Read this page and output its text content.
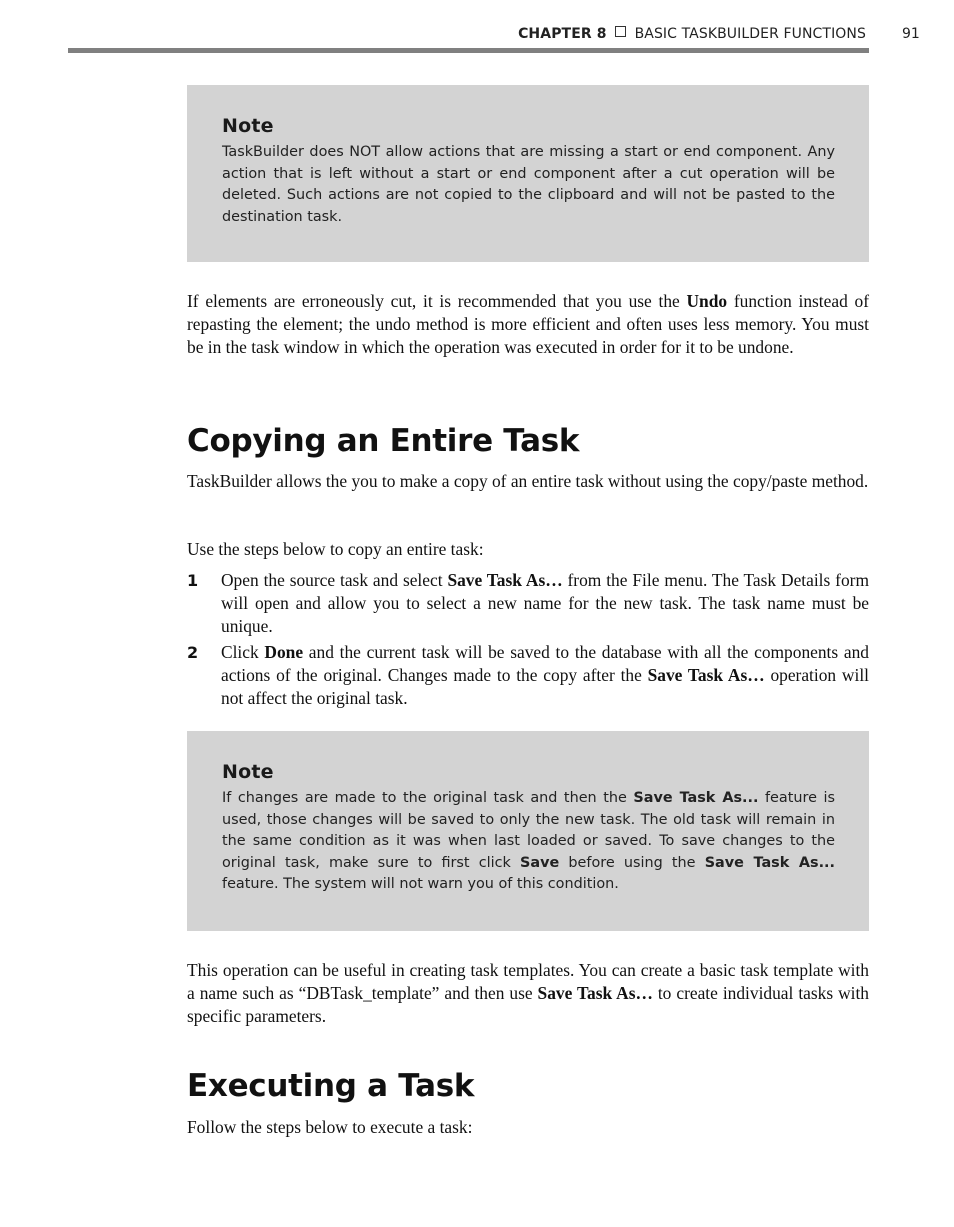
CHAPTER 8 BASIC TASKBUILDER FUNCTIONS	91
Note

TaskBuilder does NOT allow actions that are missing a start or end component. Any action that is left without a start or end component after a cut operation will be deleted. Such actions are not copied to the clipboard and will not be pasted to the destination task.

If elements are erroneously cut, it is recommended that you use the Undo function instead of repasting the element; the undo method is more efficient and often uses less memory. You must be in the task window in which the operation was executed in order for it to be undone.

Copying an Entire Task

TaskBuilder allows the you to make a copy of an entire task without using the copy/paste method.

Use the steps below to copy an entire task:

1 Open the source task and select Save Task As… from the File menu. The Task Details form will open and allow you to select a new name for the new task. The task name must be unique.

2 Click Done and the current task will be saved to the database with all the components and actions of the original. Changes made to the copy after the Save Task As… operation will not affect the original task.

Note

If changes are made to the original task and then the Save Task As... feature is used, those changes will be saved to only the new task. The old task will remain in the same condition as it was when last loaded or saved. To save changes to the original task, make sure to first click Save before using the Save Task As... feature. The system will not warn you of this condition.

This operation can be useful in creating task templates. You can create a basic task template with a name such as “DBTask_template” and then use Save Task As… to create individual tasks with specific parameters.

Executing a Task

Follow the steps below to execute a task:
